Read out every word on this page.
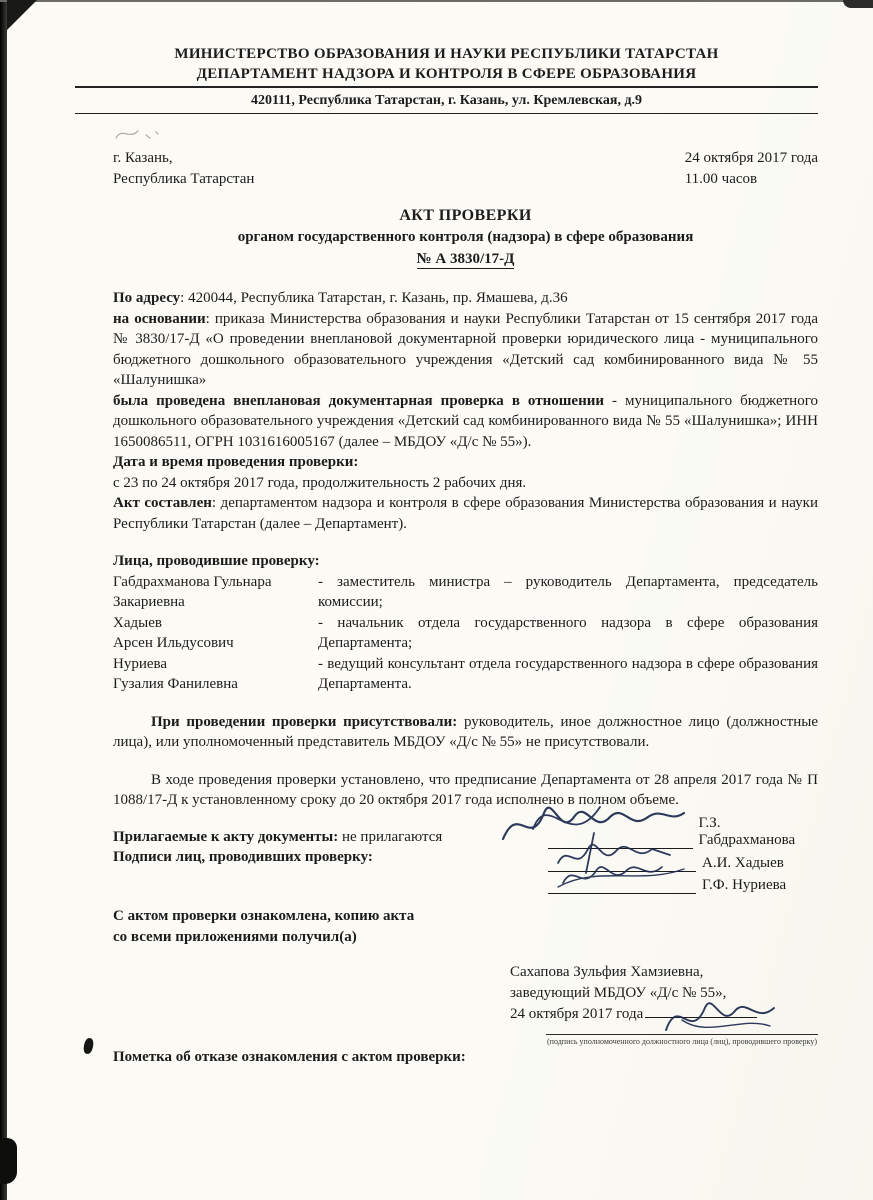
МИНИСТЕРСТВО ОБРАЗОВАНИЯ И НАУКИ РЕСПУБЛИКИ ТАТАРСТАН
ДЕПАРТАМЕНТ НАДЗОРА И КОНТРОЛЯ В СФЕРЕ ОБРАЗОВАНИЯ
420111, Республика Татарстан, г. Казань, ул. Кремлевская, д.9
г. Казань,
Республика Татарстан
24 октября 2017 года
11.00 часов
АКТ ПРОВЕРКИ
органом государственного контроля (надзора) в сфере образования
№ А 3830/17-Д

По адресу: 420044, Республика Татарстан, г. Казань, пр. Ямашева, д.36

на основании: приказа Министерства образования и науки Республики Татарстан от 15 сентября 2017 года № 3830/17-Д «О проведении внеплановой документарной проверки юридического лица - муниципального бюджетного дошкольного образовательного учреждения «Детский сад комбинированного вида № 55 «Шалунишка»

была проведена внеплановая документарная проверка в отношении - муниципального бюджетного дошкольного образовательного учреждения «Детский сад комбинированного вида № 55 «Шалунишка»; ИНН 1650086511, ОГРН 1031616005167 (далее – МБДОУ «Д/с № 55»).

Дата и время проведения проверки:

с 23 по 24 октября 2017 года, продолжительность 2 рабочих дня.

Акт составлен: департаментом надзора и контроля в сфере образования Министерства образования и науки Республики Татарстан (далее – Департамент).

Лица, проводившие проверку:

Габдрахманова Гульнара
Закариевна
- заместитель министра – руководитель Департамента, председатель комиссии;
Хадыев
Арсен Ильдусович
- начальник отдела государственного надзора в сфере образования Департамента;
Нуриева
Гузалия Фанилевна
- ведущий консультант отдела государственного надзора в сфере образования Департамента.

При проведении проверки присутствовали: руководитель, иное должностное лицо (должностные лица), или уполномоченный представитель МБДОУ «Д/с № 55» не присутствовали.

В ходе проведения проверки установлено, что предписание Департамента от 28 апреля 2017 года № П 1088/17-Д к установленному сроку до 20 октября 2017 года исполнено в полном объеме.

Прилагаемые к акту документы: не прилагаются

Подписи лиц, проводивших проверку:

Г.З. Габдрахманова
А.И. Хадыев
Г.Ф. Нуриева
С актом проверки ознакомлена, копию акта
со всеми приложениями получил(а)
Сахапова Зульфия Хамзиевна,
заведующий МБДОУ «Д/с № 55»,
24 октября 2017 года
Пометка об отказе ознакомления с актом проверки:
(подпись уполномоченного должностного лица (лиц), проводившего проверку)
